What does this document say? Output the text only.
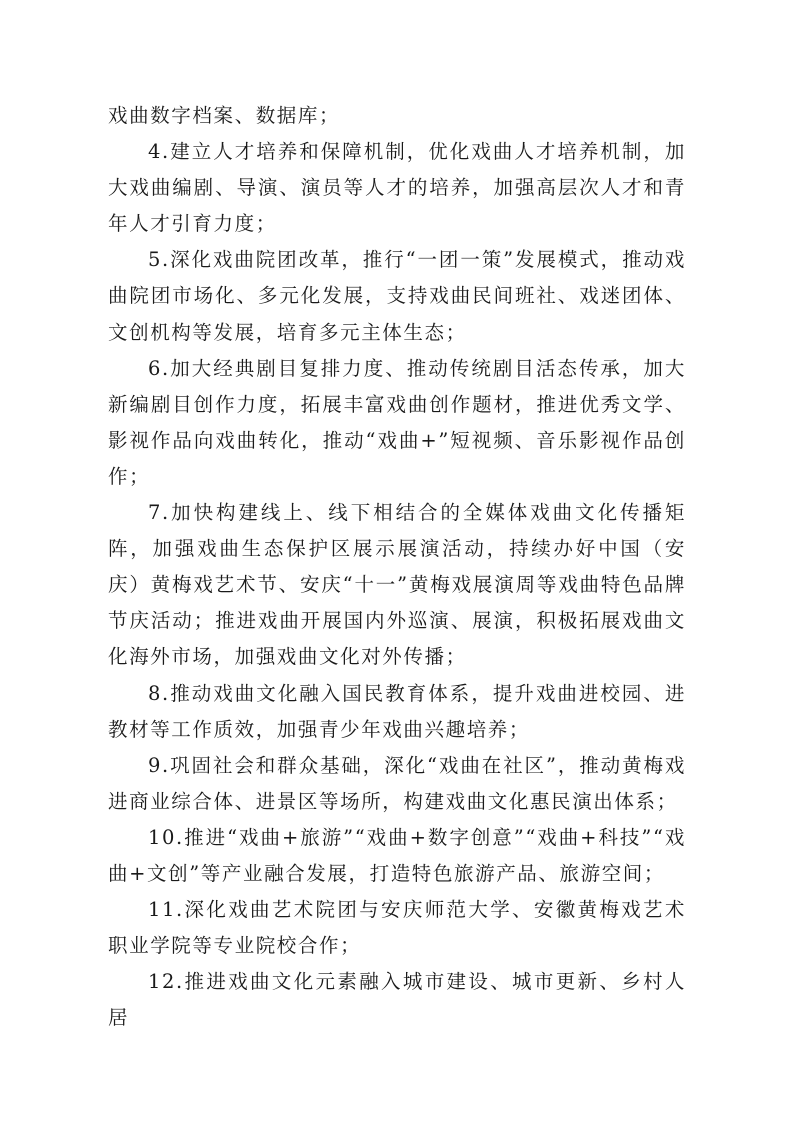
戏曲数字档案、数据库；

4.建立人才培养和保障机制，优化戏曲人才培养机制，加大戏曲编剧、导演、演员等人才的培养，加强高层次人才和青年人才引育力度；

5.深化戏曲院团改革，推行“一团一策”发展模式，推动戏曲院团市场化、多元化发展，支持戏曲民间班社、戏迷团体、文创机构等发展，培育多元主体生态；

6.加大经典剧目复排力度、推动传统剧目活态传承，加大新编剧目创作力度，拓展丰富戏曲创作题材，推进优秀文学、影视作品向戏曲转化，推动“戏曲+”短视频、音乐影视作品创作；

7.加快构建线上、线下相结合的全媒体戏曲文化传播矩阵，加强戏曲生态保护区展示展演活动，持续办好中国（安庆）黄梅戏艺术节、安庆“十一”黄梅戏展演周等戏曲特色品牌节庆活动；推进戏曲开展国内外巡演、展演，积极拓展戏曲文化海外市场，加强戏曲文化对外传播；

8.推动戏曲文化融入国民教育体系，提升戏曲进校园、进教材等工作质效，加强青少年戏曲兴趣培养；

9.巩固社会和群众基础，深化“戏曲在社区”，推动黄梅戏进商业综合体、进景区等场所，构建戏曲文化惠民演出体系；

10.推进“戏曲+旅游”“戏曲+数字创意”“戏曲+科技”“戏曲+文创”等产业融合发展，打造特色旅游产品、旅游空间；

11.深化戏曲艺术院团与安庆师范大学、安徽黄梅戏艺术职业学院等专业院校合作；

12.推进戏曲文化元素融入城市建设、城市更新、乡村人居
